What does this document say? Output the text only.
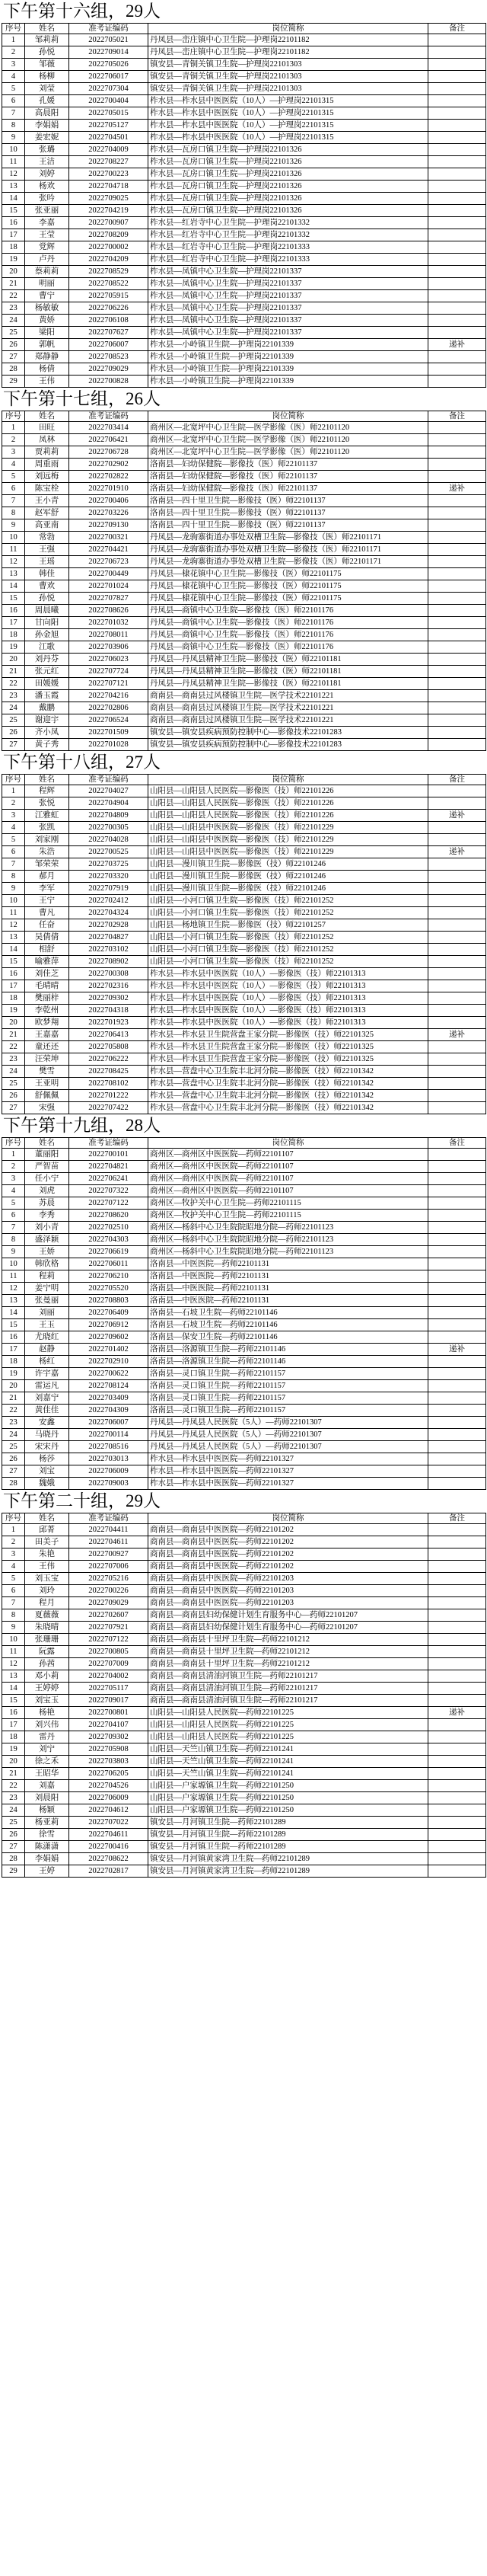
下午第十六组，29人
序号	姓名	准考证编码	岗位简称	备注
1	邹莉莉	2022705021	丹凤县—峦庄镇中心卫生院—护理岗22101182	
2	孙悦	2022709014	丹凤县—峦庄镇中心卫生院—护理岗22101182	
3	邹薇	2022705026	镇安县—青铜关镇卫生院—护理岗22101303	
4	杨柳	2022706017	镇安县—青铜关镇卫生院—护理岗22101303	
5	刘莹	2022707304	镇安县—青铜关镇卫生院—护理岗22101303	
6	孔媛	2022700404	柞水县—柞水县中医医院（10人）—护理岗22101315	
7	高晨阳	2022705015	柞水县—柞水县中医医院（10人）—护理岗22101315	
8	李娟娟	2022705127	柞水县—柞水县中医医院（10人）—护理岗22101315	
9	姜宏妮	2022704501	柞水县—柞水县中医医院（10人）—护理岗22101315	
10	张璐	2022704009	柞水县—瓦房口镇卫生院—护理岗22101326	
11	王洁	2022708227	柞水县—瓦房口镇卫生院—护理岗22101326	
12	刘婷	2022700223	柞水县—瓦房口镇卫生院—护理岗22101326	
13	杨欢	2022704718	柞水县—瓦房口镇卫生院—护理岗22101326	
14	张吟	2022709025	柞水县—瓦房口镇卫生院—护理岗22101326	
15	张亚丽	2022704219	柞水县—瓦房口镇卫生院—护理岗22101326	
16	李嘉	2022700907	柞水县—红岩寺中心卫生院—护理岗22101332	
17	王莹	2022708209	柞水县—红岩寺中心卫生院—护理岗22101332	
18	党辉	2022700002	柞水县—红岩寺中心卫生院—护理岗22101333	
19	卢丹	2022704209	柞水县—红岩寺中心卫生院—护理岗22101333	
20	蔡莉莉	2022708529	柞水县—凤镇中心卫生院—护理岗22101337	
21	明丽	2022708522	柞水县—凤镇中心卫生院—护理岗22101337	
22	曹宁	2022705915	柞水县—凤镇中心卫生院—护理岗22101337	
23	杨敏敏	2022706226	柞水县—凤镇中心卫生院—护理岗22101337	
24	黄娇	2022706108	柞水县—凤镇中心卫生院—护理岗22101337	
25	梁阳	2022707627	柞水县—凤镇中心卫生院—护理岗22101337	
26	郭帆	2022706007	柞水县—小岭镇卫生院—护理岗22101339	递补
27	郑静静	2022708523	柞水县—小岭镇卫生院—护理岗22101339	
28	杨倩	2022709029	柞水县—小岭镇卫生院—护理岗22101339	
29	王伟	2022700828	柞水县—小岭镇卫生院—护理岗22101339	
下午第十七组，26人
序号	姓名	准考证编码	岗位简称	备注
1	田旺	2022703414	商州区—北宽坪中心卫生院—医学影像（医）师22101120	
2	凤林	2022706421	商州区—北宽坪中心卫生院—医学影像（医）师22101120	
3	贾莉莉	2022706728	商州区—北宽坪中心卫生院—医学影像（医）师22101120	
4	周重雨	2022702902	洛南县—妇幼保健院—影像技（医）师22101137	
5	刘远梅	2022702822	洛南县—妇幼保健院—影像技（医）师22101137	
6	陈宝栓	2022701910	洛南县—妇幼保健院—影像技（医）师22101137	递补
7	王小青	2022700406	洛南县—四十里卫生院—影像技（医）师22101137	
8	赵军舒	2022703226	洛南县—四十里卫生院—影像技（医）师22101137	
9	高亚南	2022709130	洛南县—四十里卫生院—影像技（医）师22101137	
10	常勃	2022700321	丹凤县—龙驹寨街道办事处双槽卫生院—影像技（医）师22101171	
11	王强	2022704421	丹凤县—龙驹寨街道办事处双槽卫生院—影像技（医）师22101171	
12	王瑶	2022706723	丹凤县—龙驹寨街道办事处双槽卫生院—影像技（医）师22101171	
13	韩佳	2022700449	丹凤县—棣花镇中心卫生院—影像技（医）师22101175	
14	曹欢	2022701024	丹凤县—棣花镇中心卫生院—影像技（医）师22101175	
15	孙悦	2022707827	丹凤县—棣花镇中心卫生院—影像技（医）师22101175	
16	周晨曦	2022708626	丹凤县—商镇中心卫生院—影像技（医）师22101176	
17	甘向阳	2022701032	丹凤县—商镇中心卫生院—影像技（医）师22101176	
18	孙金旭	2022708011	丹凤县—商镇中心卫生院—影像技（医）师22101176	
19	江歌	2022703906	丹凤县—商镇中心卫生院—影像技（医）师22101176	
20	刘丹芬	2022706023	丹凤县—丹凤县精神卫生院—影像技（医）师22101181	
21	张元红	2022707724	丹凤县—丹凤县精神卫生院—影像技（医）师22101181	
22	田媛媛	2022707121	丹凤县—丹凤县精神卫生院—影像技（医）师22101181	
23	潘玉霞	2022704216	商南县—商南县过风楼镇卫生院—医学技术22101221	
24	戴鹏	2022702806	商南县—商南县过风楼镇卫生院—医学技术22101221	
25	谢迎宇	2022706524	商南县—商南县过风楼镇卫生院—医学技术22101221	
26	齐小凤	2022701509	镇安县—镇安县疾病预防控制中心—影像技术22101283	
27	黄子秀	2022701028	镇安县—镇安县疾病预防控制中心—影像技术22101283	
下午第十八组，27人
序号	姓名	准考证编码	岗位简称	备注
1	程辉	2022704027	山阳县—山阳县人民医院—影像医（技）师22101226	
2	张悦	2022704904	山阳县—山阳县人民医院—影像医（技）师22101226	
3	江雅虹	2022704809	山阳县—山阳县人民医院—影像医（技）师22101226	递补
4	张凯	2022700305	山阳县—山阳县中医医院—影像医（技）师22101229	
5	刘家刚	2022704028	山阳县—山阳县中医医院—影像医（技）师22101229	
6	朱浩	2022700525	山阳县—山阳县中医医院—影像医（技）师22101229	递补
7	邹荣荣	2022703725	山阳县—漫川镇卫生院—影像医（技）师22101246	
8	郝月	2022703320	山阳县—漫川镇卫生院—影像医（技）师22101246	
9	李军	2022707919	山阳县—漫川镇卫生院—影像医（技）师22101246	
10	王宁	2022702412	山阳县—小河口镇卫生院—影像医（技）师22101252	
11	曹凡	2022704324	山阳县—小河口镇卫生院—影像医（技）师22101252	
12	任奋	2022702928	山阳县—杨地镇卫生院—影像医（技）师22101257	
13	吴倩倩	2022704827	山阳县—小河口镇卫生院—影像医（技）师22101252	
14	相舒	2022703102	山阳县—小河口镇卫生院—影像医（技）师22101252	
15	喻雅萍	2022708902	山阳县—小河口镇卫生院—影像医（技）师22101252	
16	刘佳芝	2022700308	柞水县—柞水县中医医院（10人）—影像医（技）师22101313	
17	毛晴晴	2022702316	柞水县—柞水县中医医院（10人）—影像医（技）师22101313	
18	樊丽梓	2022709302	柞水县—柞水县中医医院（10人）—影像医（技）师22101313	
19	李乾州	2022704318	柞水县—柞水县中医医院（10人）—影像医（技）师22101313	
20	欧梦翔	2022701923	柞水县—柞水县中医医院（10人）—影像医（技）师22101313	
21	王嘉嘉	2022706413	柞水县—柞水县卫生院营盘王家分院—影像医（技）师22101325	递补
22	童还还	2022705808	柞水县—柞水县卫生院营盘王家分院—影像医（技）师22101325	
23	汪荣坤	2022706222	柞水县—柞水县卫生院营盘王家分院—影像医（技）师22101325	
24	樊雪	2022708425	柞水县—营盘中心卫生院丰北河分院—影像医（技）师22101342	
25	王亚明	2022708102	柞水县—营盘中心卫生院丰北河分院—影像医（技）师22101342	
26	舒佩佩	2022701222	柞水县—营盘中心卫生院丰北河分院—影像医（技）师22101342	
27	宋强	2022707422	柞水县—营盘中心卫生院丰北河分院—影像医（技）师22101342	
下午第十九组，28人
序号	姓名	准考证编码	岗位简称	备注
1	董丽阳	2022700101	商州区—商州区中医医院—药师22101107	
2	严智苗	2022704821	商州区—商州区中医医院—药师22101107	
3	任小宁	2022706241	商州区—商州区中医医院—药师22101107	
4	刘虎	2022707322	商州区—商州区中医医院—药师22101107	
5	苏晨	2022707122	商州区—牧护关中心卫生院—药师22101115	
6	李秀	2022708620	商州区—牧护关中心卫生院—药师22101115	
7	刘小青	2022702510	商州区—杨斜中心卫生院院昭地分院—药师22101123	
8	盛泽颖	2022704303	商州区—杨斜中心卫生院院昭地分院—药师22101123	
9	王娇	2022706619	商州区—杨斜中心卫生院院昭地分院—药师22101123	
10	韩欣格	2022706011	洛南县—中医医院—药师22101131	
11	程莉	2022706210	洛南县—中医医院—药师22101131	
12	姜宁明	2022705520	洛南县—中医医院—药师22101131	
13	张曼丽	2022708803	洛南县—中医医院—药师22101131	
14	刘丽	2022706409	洛南县—石坡卫生院—药师22101146	
15	王玉	2022706912	洛南县—石坡卫生院—药师22101146	
16	尤晓红	2022709602	洛南县—保安卫生院—药师22101146	
17	赵静	2022701402	洛南县—洛源镇卫生院—药师22101146	递补
18	杨红	2022702910	洛南县—洛源镇卫生院—药师22101146	
19	许宇嘉	2022700622	洛南县—灵口镇卫生院—药师22101157	
20	雷运凡	2022708124	洛南县—灵口镇卫生院—药师22101157	
21	刘嘉宁	2022703409	洛南县—灵口镇卫生院—药师22101157	
22	黄佳佳	2022704309	洛南县—灵口镇卫生院—药师22101157	
23	安鑫	2022706007	丹凤县—丹凤县人民医院（5人）—药师22101307	
24	马晓丹	2022700114	丹凤县—丹凤县人民医院（5人）—药师22101307	
25	宋宋丹	2022708516	丹凤县—丹凤县人民医院（5人）—药师22101307	
26	杨莎	2022703013	柞水县—柞水县中医医院—药师22101327	
27	刘宝	2022706009	柞水县—柞水县中医医院—药师22101327	
28	魏娥	2022709003	柞水县—柞水县中医医院—药师22101327	
下午第二十组，29人
序号	姓名	准考证编码	岗位简称	备注
1	邱菁	2022704411	商南县—商南县中医医院—药师22101202	
2	田美子	2022704611	商南县—商南县中医医院—药师22101202	
3	朱艳	2022700927	商南县—商南县中医医院—药师22101202	
4	王伟	2022707006	商南县—商南县中医医院—药师22101202	
5	刘玉宝	2022705216	商南县—商南县中医医院—药师22101203	
6	刘玲	2022700226	商南县—商南县中医医院—药师22101203	
7	程月	2022709029	商南县—商南县中医医院—药师22101203	
8	夏薇薇	2022702607	商南县—商南县妇幼保健计划生育服务中心—药师22101207	
9	朱晓晴	2022707921	商南县—商南县妇幼保健计划生育服务中心—药师22101207	
10	张珊珊	2022707122	商南县—商南县十里坪卫生院—药师22101212	
11	阮露	2022700805	商南县—商南县十里坪卫生院—药师22101212	
12	孙茜	2022707009	商南县—商南县十里坪卫生院—药师22101212	
13	邓小莉	2022704002	商南县—商南县清油河镇卫生院—药师22101217	
14	王婷婷	2022705117	商南县—商南县清油河镇卫生院—药师22101217	
15	刘宝玉	2022709017	商南县—商南县清油河镇卫生院—药师22101217	
16	杨艳	2022700801	山阳县—山阳县人民医院—药师22101225	递补
17	刘兴伟	2022704107	山阳县—山阳县人民医院—药师22101225	
18	雷丹	2022709302	山阳县—山阳县人民医院—药师22101225	
19	刘宁	2022705908	山阳县—天竺山镇卫生院—药师22101241	
20	徐之禾	2022703803	山阳县—天竺山镇卫生院—药师22101241	
21	王昭华	2022706205	山阳县—天竺山镇卫生院—药师22101241	
22	刘嘉	2022704526	山阳县—户家塬镇卫生院—药师22101250	
23	刘晨阳	2022706009	山阳县—户家塬镇卫生院—药师22101250	
24	杨颖	2022704612	山阳县—户家塬镇卫生院—药师22101250	
25	杨亚莉	2022707022	镇安县—月河镇卫生院—药师22101289	
26	徐雪	2022704611	镇安县—月河镇卫生院—药师22101289	
27	陈潇潇	2022700416	镇安县—月河镇卫生院—药师22101289	
28	李娟娟	2022708622	镇安县—月河镇黄家湾卫生院—药师22101289	
29	王婷	2022702817	镇安县—月河镇黄家湾卫生院—药师22101289	
